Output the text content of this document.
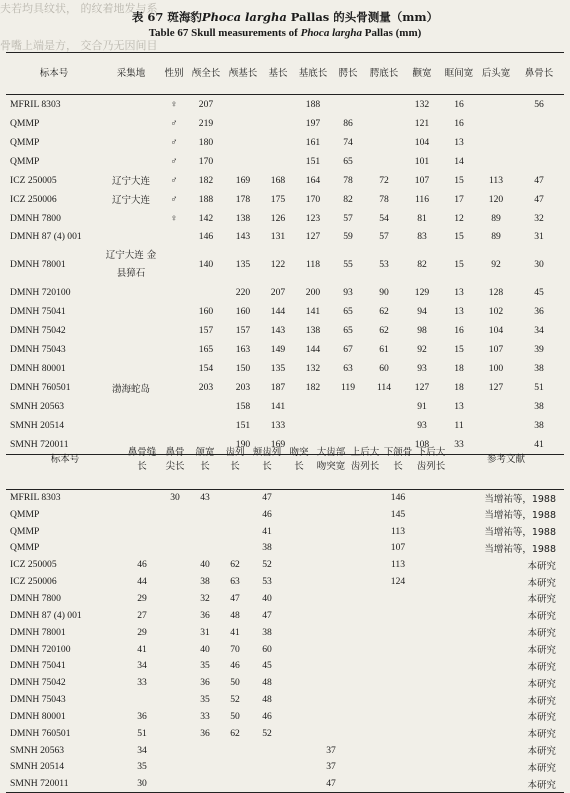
夫若均具纹状， 的纹着地发与系
骨嘴上端是方， 交合乃无因间目
表 67 斑海豹Phoca largha Pallas 的头骨测量（mm）
Table 67 Skull measurements of Phoca largha Pallas (mm)
标本号	采集地	性别	颅全长	颅基长	基长	基底长	腭长	腭底长	颧宽	眶间宽	后头宽	鼻骨长
MFRIL 8303		♀	207			188			132	16		56
QMMP		♂	219			197	86		121	16		
QMMP		♂	180			161	74		104	13		
QMMP		♂	170			151	65		101	14		
ICZ 250005	辽宁大连	♂	182	169	168	164	78	72	107	15	113	47
ICZ 250006	辽宁大连	♂	188	178	175	170	82	78	116	17	120	47
DMNH 7800		♀	142	138	126	123	57	54	81	12	89	32
DMNH 87 (4) 001			146	143	131	127	59	57	83	15	89	31
DMNH 78001	辽宁大连 金县獐石		140	135	122	118	55	53	82	15	92	30
DMNH 720100				220	207	200	93	90	129	13	128	45
DMNH 75041			160	160	144	141	65	62	94	13	102	36
DMNH 75042			157	157	143	138	65	62	98	16	104	34
DMNH 75043			165	163	149	144	67	61	92	15	107	39
DMNH 80001			154	150	135	132	63	60	93	18	100	38
DMNH 760501	渤海蛇岛		203	203	187	182	119	114	127	18	127	51
SMNH 20563				158	141				91	13		38
SMNH 20514				151	133				93	11		38
SMNH 720011				190	169				108	33		41
标本号	鼻骨缝长	鼻骨尖长	颌宽长	齿列长	颊齿列长	吻突长	大齿部吻突宽	上后大齿列长	下颌骨长	下后大齿列长	参考文献
MFRIL 8303		30	43		47				146		当增祐等，1988
QMMP					46				145		当增祐等，1988
QMMP					41				113		当增祐等，1988
QMMP					38				107		当增祐等，1988
ICZ 250005	46		40	62	52				113		本研究
ICZ 250006	44		38	63	53				124		本研究
DMNH 7800	29		32	47	40						本研究
DMNH 87 (4) 001	27		36	48	47						本研究
DMNH 78001	29		31	41	38						本研究
DMNH 720100	41		40	70	60						本研究
DMNH 75041	34		35	46	45						本研究
DMNH 75042	33		36	50	48						本研究
DMNH 75043			35	52	48						本研究
DMNH 80001	36		33	50	46						本研究
DMNH 760501	51		36	62	52						本研究
SMNH 20563	34						37				本研究
SMNH 20514	35						37				本研究
SMNH 720011	30						47				本研究
